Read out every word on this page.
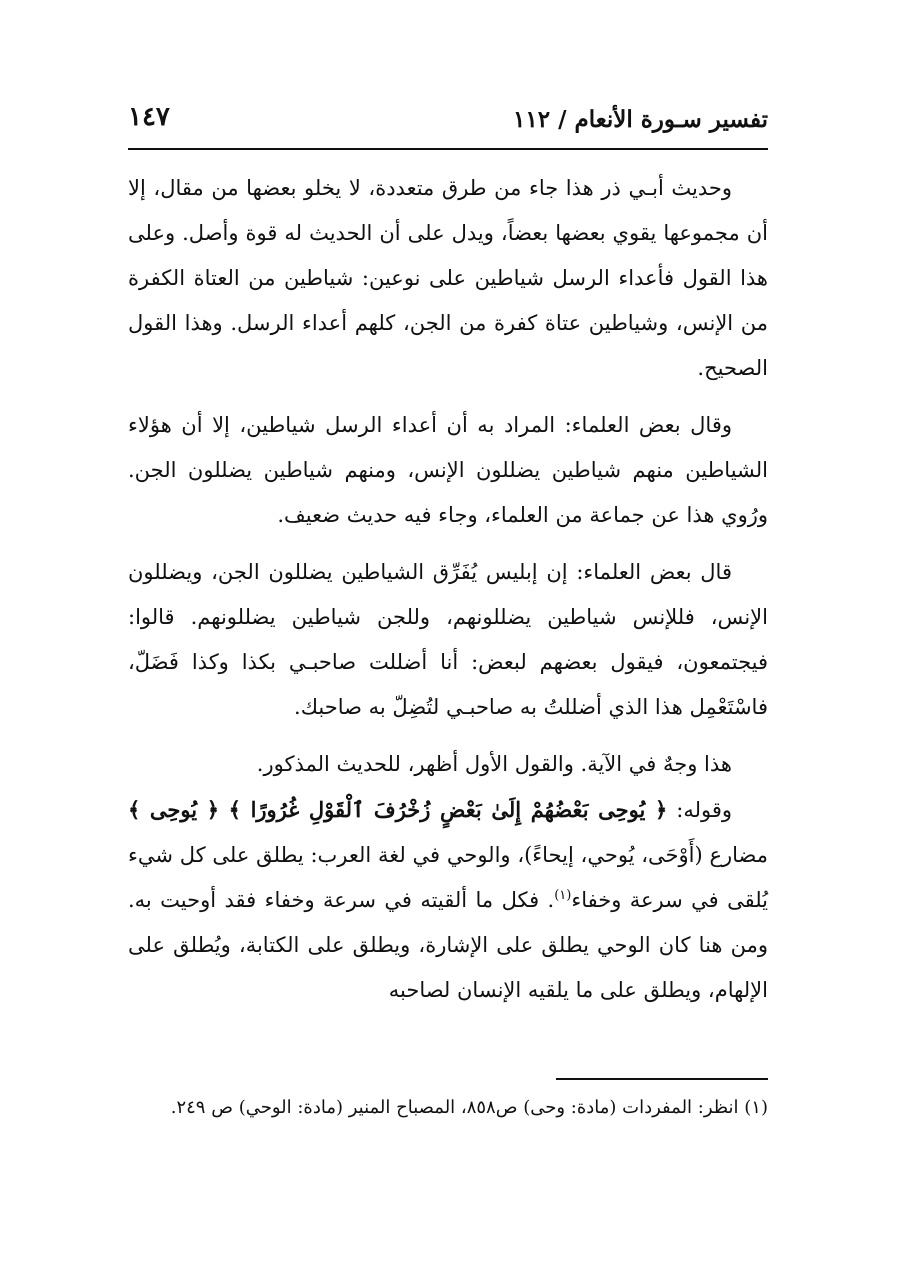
تفسير سـورة الأنعام / ١١٢
١٤٧

وحديث أبـي ذر هذا جاء من طرق متعددة، لا يخلو بعضها من مقال، إلا أن مجموعها يقوي بعضها بعضاً، ويدل على أن الحديث له قوة وأصل. وعلى هذا القول فأعداء الرسل شياطين على نوعين: شياطين من العتاة الكفرة من الإنس، وشياطين عتاة كفرة من الجن، كلهم أعداء الرسل. وهذا القول الصحيح.

وقال بعض العلماء: المراد به أن أعداء الرسل شياطين، إلا أن هؤلاء الشياطين منهم شياطين يضللون الإنس، ومنهم شياطين يضللون الجن. ورُوي هذا عن جماعة من العلماء، وجاء فيه حديث ضعيف.

قال بعض العلماء: إن إبليس يُفَرِّق الشياطين يضللون الجن، ويضللون الإنس، فللإنس شياطين يضللونهم، وللجن شياطين يضللونهم. قالوا: فيجتمعون، فيقول بعضهم لبعض: أنا أضللت صاحبـي بكذا وكذا فَضَلّ، فاسْتَعْمِل هذا الذي أضللتُ به صاحبـي لتُضِلّ به صاحبك.

هذا وجهٌ في الآية. والقول الأول أظهر، للحديث المذكور.

وقوله: ﴿ يُوحِى بَعْضُهُمْ إِلَىٰ بَعْضٍ زُخْرُفَ ٱلْقَوْلِ غُرُورًا ﴾ ﴿ يُوحِى ﴾ مضارع (أَوْحَى، يُوحي، إيحاءً)، والوحي في لغة العرب: يطلق على كل شيء يُلقى في سرعة وخفاء$^{(١)}$. فكل ما ألقيته في سرعة وخفاء فقد أوحيت به. ومن هنا كان الوحي يطلق على الإشارة، ويطلق على الكتابة، ويُطلق على الإلهام، ويطلق على ما يلقيه الإنسان لصاحبه

(١) انظر: المفردات (مادة: وحى) ص٨٥٨، المصباح المنير (مادة: الوحي) ص ٢٤٩.
